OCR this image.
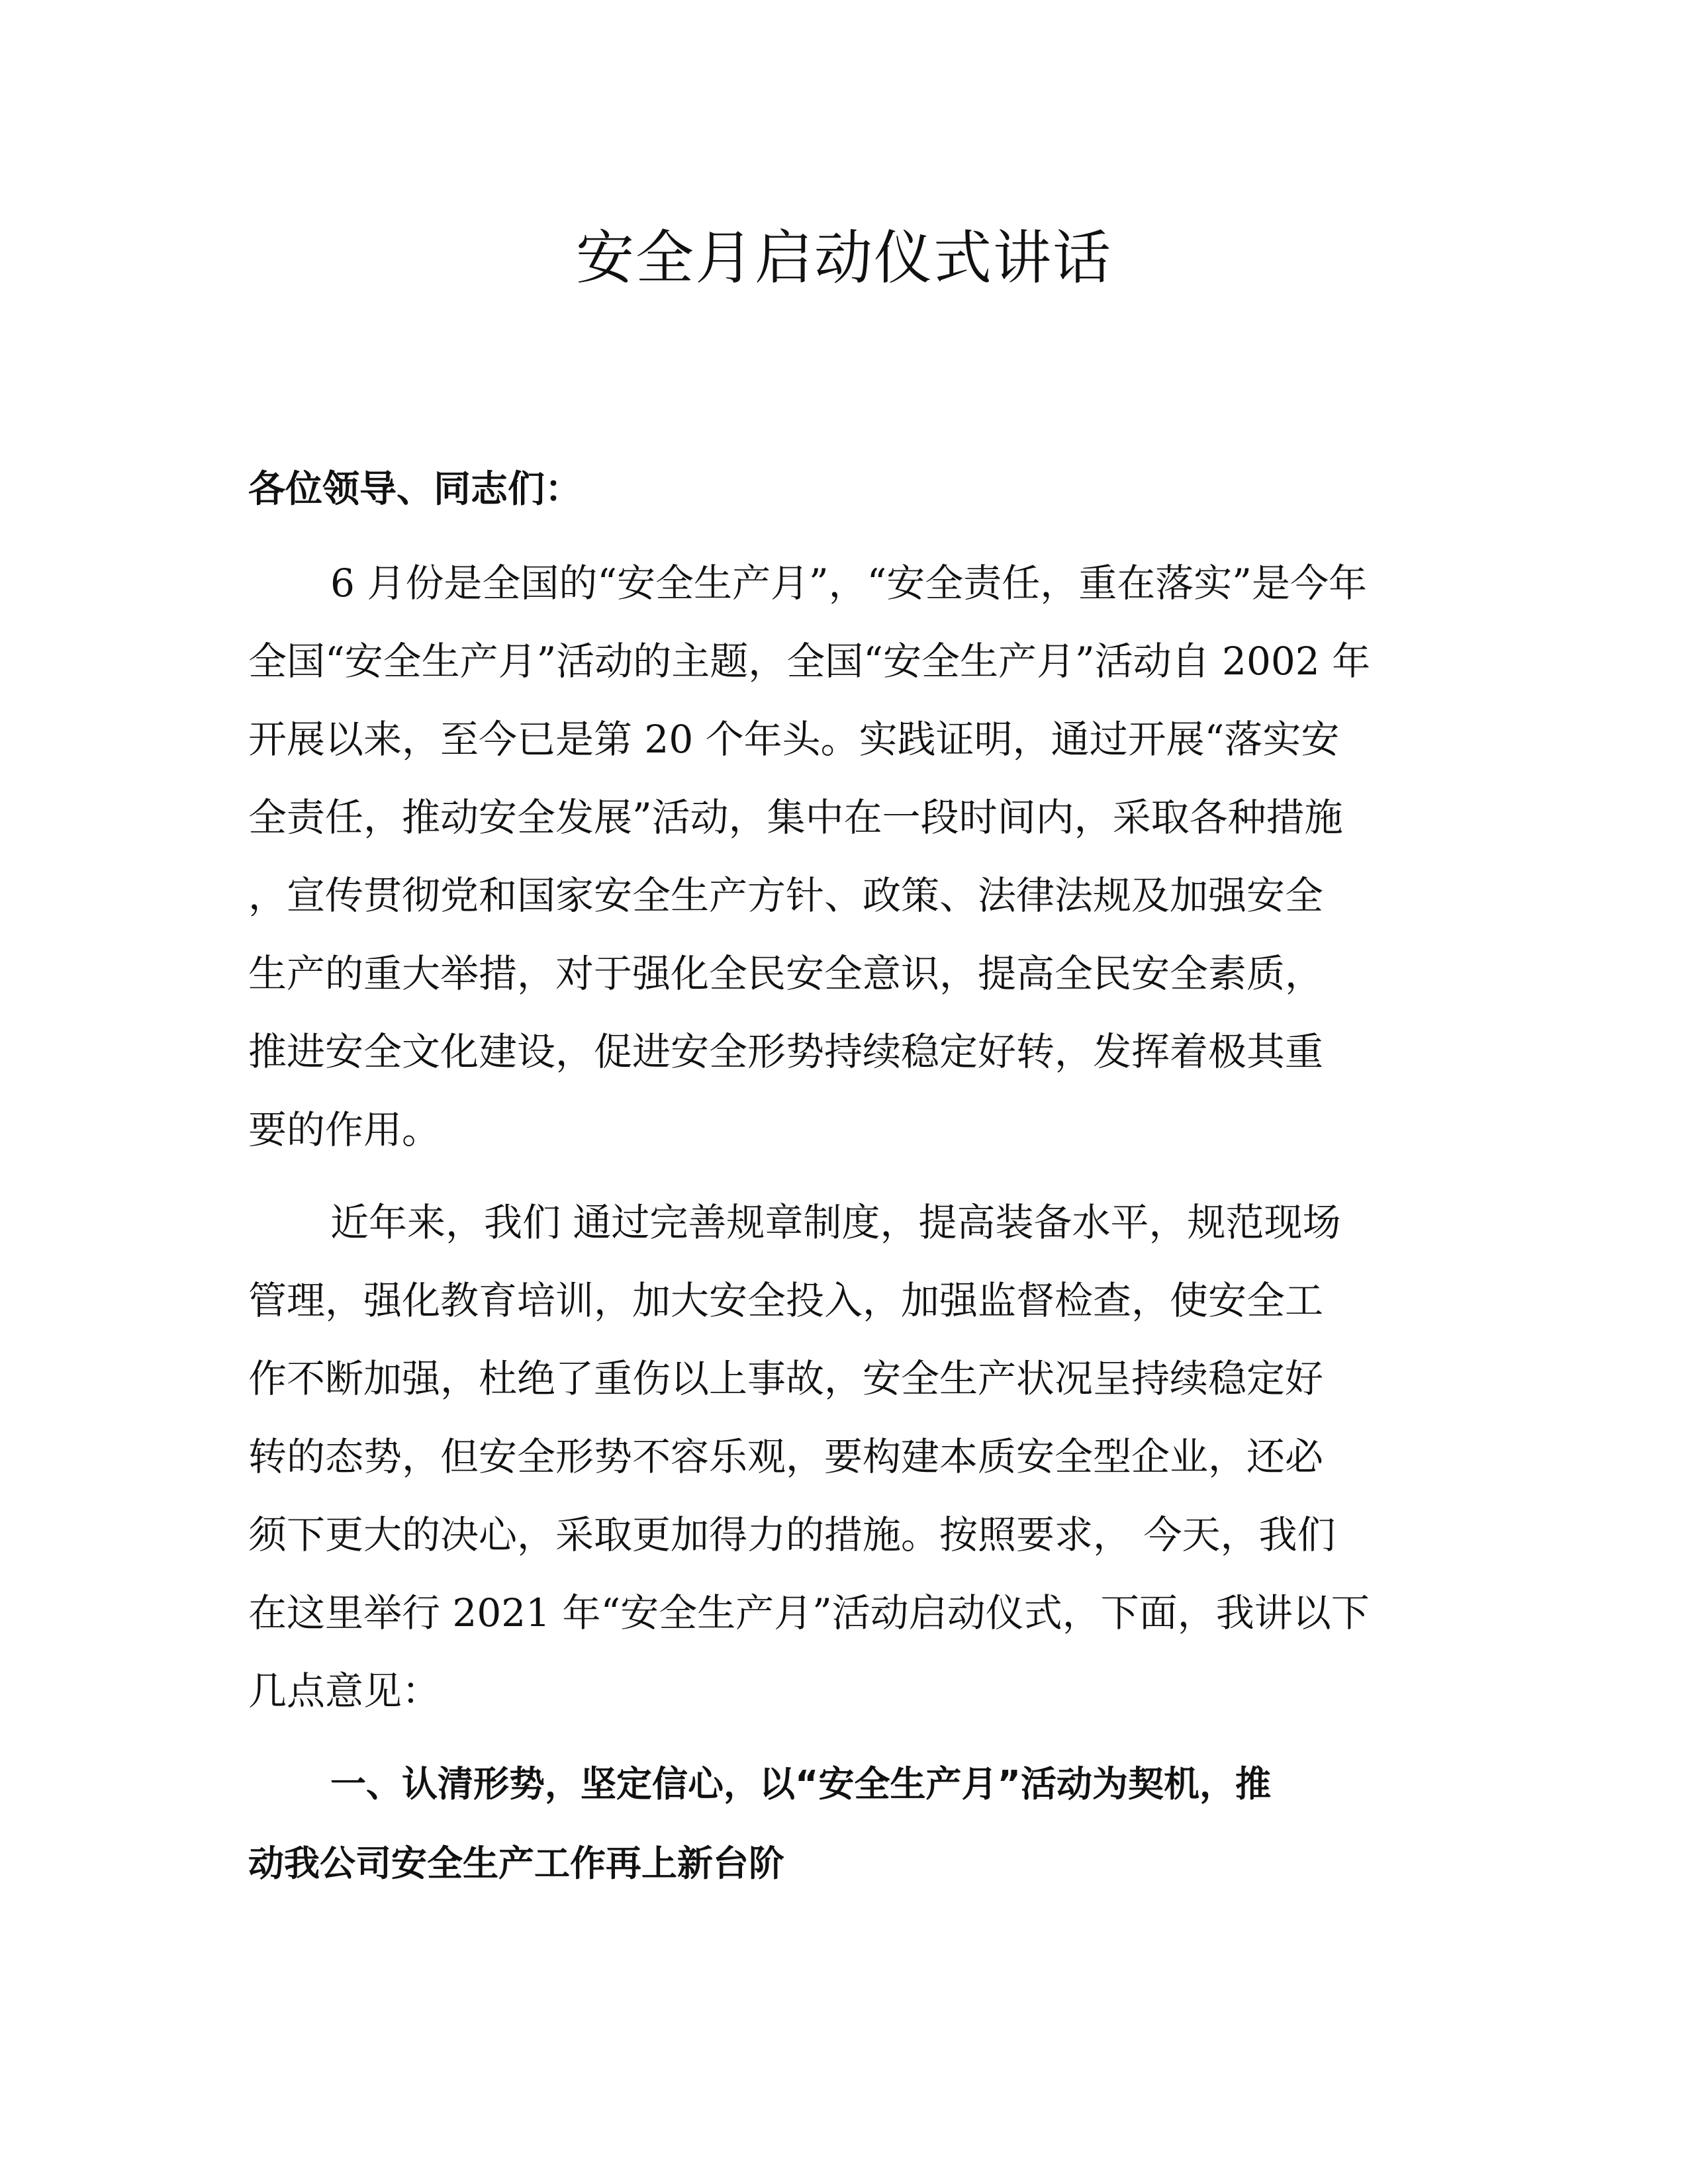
安全月启动仪式讲话
各位领导、同志们：
6 月份是全国的“安全生产月”，“安全责任，重在落实”是今年
全国“安全生产月”活动的主题，全国“安全生产月”活动自 2002 年
开展以来，至今已是第 20 个年头。实践证明，通过开展“落实安
全责任，推动安全发展”活动，集中在一段时间内，采取各种措施
，宣传贯彻党和国家安全生产方针、政策、法律法规及加强安全
生产的重大举措，对于强化全民安全意识，提高全民安全素质，
推进安全文化建设，促进安全形势持续稳定好转，发挥着极其重
要的作用。
近年来，我们 通过完善规章制度，提高装备水平，规范现场
管理，强化教育培训，加大安全投入，加强监督检查，使安全工
作不断加强，杜绝了重伤以上事故，安全生产状况呈持续稳定好
转的态势，但安全形势不容乐观，要构建本质安全型企业，还必
须下更大的决心，采取更加得力的措施。按照要求， 今天，我们
在这里举行 2021 年“安全生产月”活动启动仪式，下面，我讲以下
几点意见：
一、认清形势，坚定信心，以“安全生产月”活动为契机，推
动我公司安全生产工作再上新台阶
